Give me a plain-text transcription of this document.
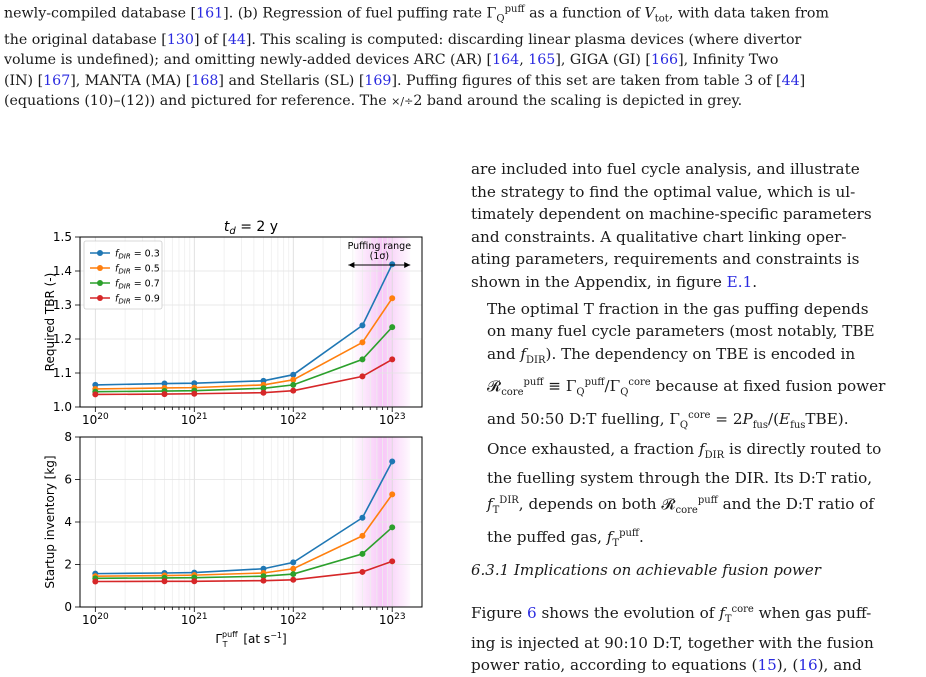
newly-compiled database [161]. (b) Regression of fuel puffing rate $\Gamma_Q^{puff}$ as a function of $V_{tot}$, with data taken from
the original database [130] of [44]. This scaling is computed: discarding linear plasma devices (where divertor
volume is undefined); and omitting newly-added devices ARC (AR) [164, 165], GIGA (GI) [166], Infinity Two
(IN) [167], MANTA (MA) [168] and Stellaris (SL) [169]. Puffing figures of this set are taken from table 3 of [44]
(equations (10)–(12)) and pictured for reference. The ×/÷2 band around the scaling is depicted in grey.
1.0
1.1
1.2
1.3
1.4
1.5
$10^{20}$	$10^{21}$	$10^{22}$	$10^{23}$
Required TBR (-)
$t_d = 2$ y
Puffing range
(1σ)
$f_{DIR} = 0.3$
$f_{DIR} = 0.5$
$f_{DIR} = 0.7$
$f_{DIR} = 0.9$
0
2
4
6
8
$10^{20}$	$10^{21}$	$10^{22}$	$10^{23}$
Startup inventory [kg]
$\Gamma^{puff}$ T [at $s^{-1}$]

are included into fuel cycle analysis, and illustrate
the strategy to find the optimal value, which is ul-
timately dependent on machine-specific parameters
and constraints. A qualitative chart linking oper-
ating parameters, requirements and constraints is
shown in the Appendix, in figure E.1.

The optimal T fraction in the gas puffing depends
on many fuel cycle parameters (most notably, TBE
and $f_{DIR}$). The dependency on TBE is encoded in
𝓡$_{core}^{puff}$ ≡ $\Gamma_Q^{puff}/\Gamma_Q^{core}$ because at fixed fusion power
and 50:50 D:T fuelling, $\Gamma_Q^{core} = 2P_{fus}/(E_{fus}TBE)$.
Once exhausted, a fraction $f_{DIR}$ is directly routed to
the fuelling system through the DIR. Its D:T ratio,
$f_T^{DIR}$, depends on both 𝓡$_{core}^{puff}$ and the D:T ratio of
the puffed gas, $f_T^{puff}$.

6.3.1 Implications on achievable fusion power
Figure 6 shows the evolution of $f_T^{core}$ when gas puff-
ing is injected at 90:10 D:T, together with the fusion
power ratio, according to equations (15), (16), and
